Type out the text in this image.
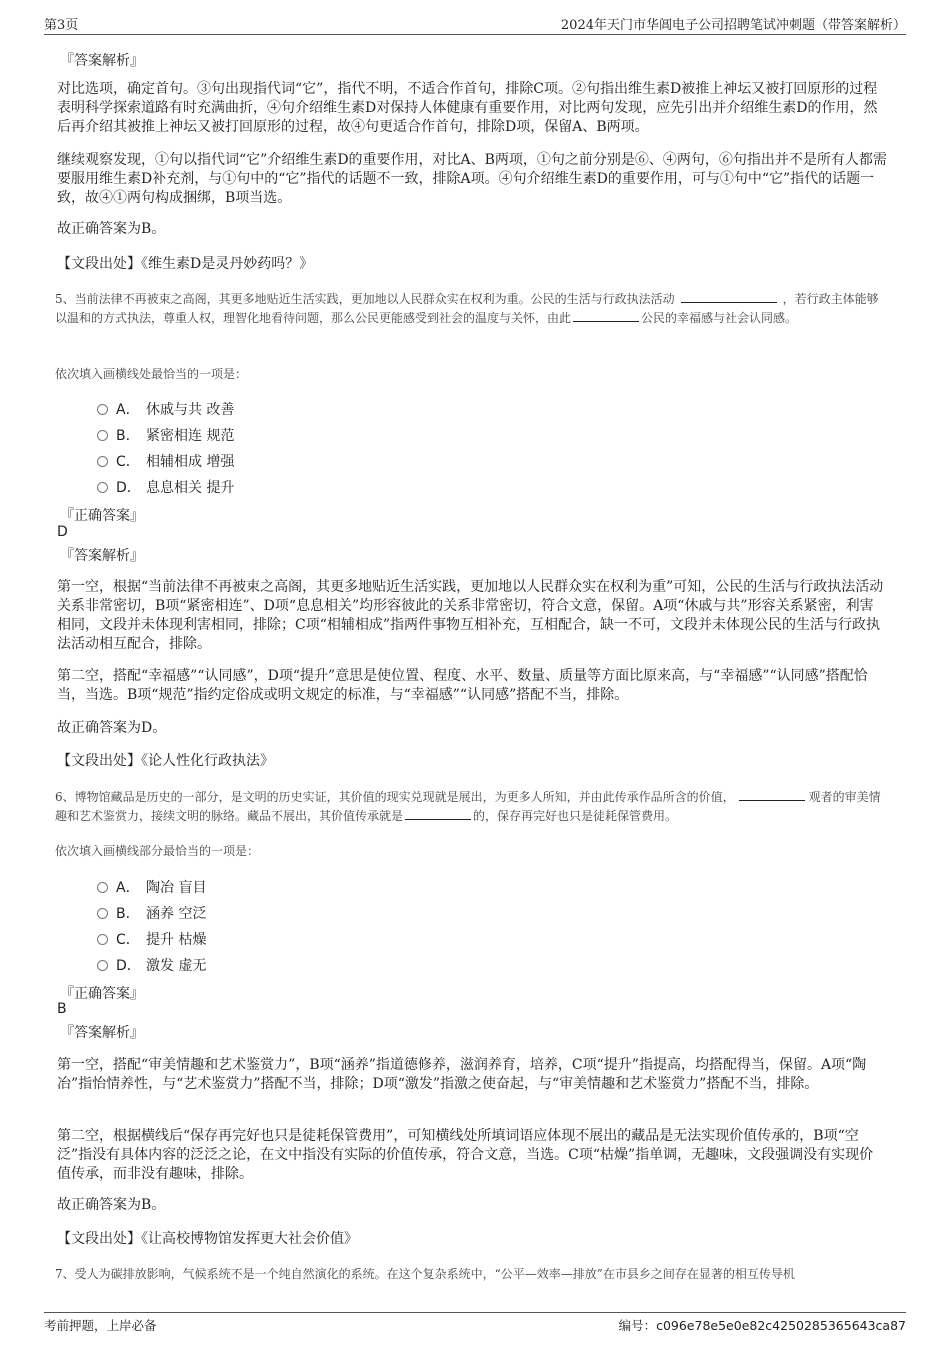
第3页	2024年天门市华阊电子公司招聘笔试冲刺题（带答案解析）
『答案解析』
对比选项，确定首句。③句出现指代词“它”，指代不明，不适合作首句，排除C项。②句指出维生素D被推上神坛又被打回原形的过程表明科学探索道路有时充满曲折，④句介绍维生素D对保持人体健康有重要作用，对比两句发现，应先引出并介绍维生素D的作用，然后再介绍其被推上神坛又被打回原形的过程，故④句更适合作首句，排除D项，保留A、B两项。
继续观察发现，①句以指代词“它”介绍维生素D的重要作用，对比A、B两项，①句之前分别是⑥、④两句，⑥句指出并不是所有人都需要服用维生素D补充剂，与①句中的“它”指代的话题不一致，排除A项。④句介绍维生素D的重要作用，可与①句中“它”指代的话题一致，故④①两句构成捆绑，B项当选。
故正确答案为B。
【文段出处】《维生素D是灵丹妙药吗？》
5、当前法律不再被束之高阁，其更多地贴近生活实践，更加地以人民群众实在权利为重。公民的生活与行政执法活动	，若行政主体能够以温和的方式执法，尊重人权，理智化地看待问题，那么公民更能感受到社会的温度与关怀，由此	公民的幸福感与社会认同感。
依次填入画横线处最恰当的一项是：
A． 休戚与共 改善
B． 紧密相连 规范
C． 相辅相成 增强
D． 息息相关 提升
『正确答案』
D
『答案解析』
第一空，根据“当前法律不再被束之高阁，其更多地贴近生活实践，更加地以人民群众实在权利为重”可知，公民的生活与行政执法活动关系非常密切，B项“紧密相连”、D项“息息相关”均形容彼此的关系非常密切，符合文意，保留。A项“休戚与共”形容关系紧密，利害相同，文段并未体现利害相同，排除；C项“相辅相成”指两件事物互相补充，互相配合，缺一不可，文段并未体现公民的生活与行政执法活动相互配合，排除。
第二空，搭配“幸福感”“认同感”，D项“提升”意思是使位置、程度、水平、数量、质量等方面比原来高，与“幸福感”“认同感”搭配恰当，当选。B项“规范”指约定俗成或明文规定的标准，与“幸福感”“认同感”搭配不当，排除。
故正确答案为D。
【文段出处】《论人性化行政执法》
6、博物馆藏品是历史的一部分，是文明的历史实证，其价值的现实兑现就是展出，为更多人所知，并由此传承作品所含的价值，	观者的审美情趣和艺术鉴赏力，接续文明的脉络。藏品不展出，其价值传承就是	的，保存再完好也只是徒耗保管费用。
依次填入画横线部分最恰当的一项是：
A． 陶冶 盲目
B． 涵养 空泛
C． 提升 枯燥
D． 激发 虚无
『正确答案』
B
『答案解析』
第一空，搭配“审美情趣和艺术鉴赏力”，B项“涵养”指道德修养，滋润养育，培养，C项“提升”指提高，均搭配得当，保留。A项“陶冶”指怡情养性，与“艺术鉴赏力”搭配不当，排除；D项“激发”指激之使奋起，与“审美情趣和艺术鉴赏力”搭配不当，排除。
第二空，根据横线后“保存再完好也只是徒耗保管费用”，可知横线处所填词语应体现不展出的藏品是无法实现价值传承的，B项“空泛”指没有具体内容的泛泛之论，在文中指没有实际的价值传承，符合文意，当选。C项“枯燥”指单调，无趣味，文段强调没有实现价值传承，而非没有趣味，排除。
故正确答案为B。
【文段出处】《让高校博物馆发挥更大社会价值》
7、受人为碳排放影响，气候系统不是一个纯自然演化的系统。在这个复杂系统中，“公平—效率—排放”在市县乡之间存在显著的相互传导机
考前押题，上岸必备	编号：c096e78e5e0e82c4250285365643ca87
